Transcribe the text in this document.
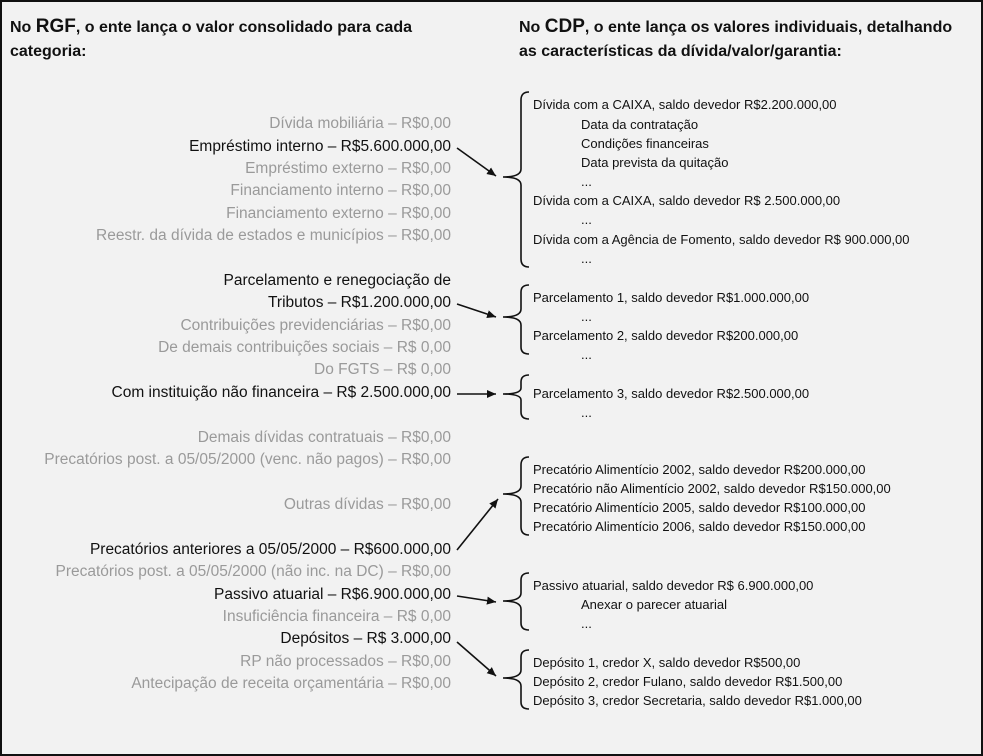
No RGF, o ente lança o valor consolidado para cada
categoria:
No CDP, o ente lança os valores individuais, detalhando
as características da dívida/valor/garantia:
Dívida mobiliária – R$0,00
Empréstimo interno – R$5.600.000,00
Empréstimo externo – R$0,00
Financiamento interno – R$0,00
Financiamento externo – R$0,00
Reestr. da dívida de estados e municípios – R$0,00
Parcelamento e renegociação de
Tributos – R$1.200.000,00
Contribuições previdenciárias – R$0,00
De demais contribuições sociais – R$ 0,00
Do FGTS – R$ 0,00
Com instituição não financeira – R$ 2.500.000,00
Demais dívidas contratuais – R$0,00
Precatórios post. a 05/05/2000 (venc. não pagos) – R$0,00
Outras dívidas – R$0,00
Precatórios anteriores a 05/05/2000 – R$600.000,00
Precatórios post. a 05/05/2000 (não inc. na DC) – R$0,00
Passivo atuarial – R$6.900.000,00
Insuficiência financeira – R$ 0,00
Depósitos – R$ 3.000,00
RP não processados – R$0,00
Antecipação de receita orçamentária – R$0,00
Dívida com a CAIXA, saldo devedor R$2.200.000,00
Data da contratação
Condições financeiras
Data prevista da quitação
...
Dívida com a CAIXA, saldo devedor R$ 2.500.000,00
...
Dívida com a Agência de Fomento, saldo devedor R$ 900.000,00
...
Parcelamento 1, saldo devedor R$1.000.000,00
...
Parcelamento 2, saldo devedor R$200.000,00
...
Parcelamento 3, saldo devedor R$2.500.000,00
...
Precatório Alimentício 2002, saldo devedor R$200.000,00
Precatório não Alimentício 2002, saldo devedor R$150.000,00
Precatório Alimentício 2005, saldo devedor R$100.000,00
Precatório Alimentício 2006, saldo devedor R$150.000,00
Passivo atuarial, saldo devedor R$ 6.900.000,00
Anexar o parecer atuarial
...
Depósito 1, credor X, saldo devedor R$500,00
Depósito 2, credor Fulano, saldo devedor R$1.500,00
Depósito 3, credor Secretaria, saldo devedor R$1.000,00
